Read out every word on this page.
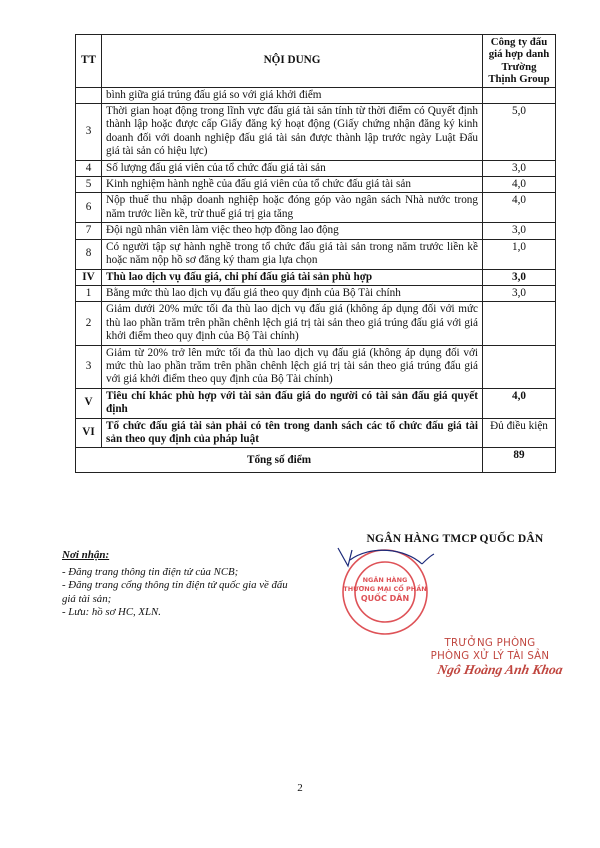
TT	NỘI DUNG	Công ty đấu giá hợp danh Trường Thịnh Group
	bình giữa giá trúng đấu giá so với giá khởi điểm	
3	Thời gian hoạt động trong lĩnh vực đấu giá tài sản tính từ thời điểm có Quyết định thành lập hoặc được cấp Giấy đăng ký hoạt động (Giấy chứng nhận đăng ký kinh doanh đối với doanh nghiệp đấu giá tài sản được thành lập trước ngày Luật Đấu giá tài sản có hiệu lực)	5,0
4	Số lượng đấu giá viên của tổ chức đấu giá tài sản	3,0
5	Kinh nghiệm hành nghề của đấu giá viên của tổ chức đấu giá tài sản	4,0
6	Nộp thuế thu nhập doanh nghiệp hoặc đóng góp vào ngân sách Nhà nước trong năm trước liền kề, trừ thuế giá trị gia tăng	4,0
7	Đội ngũ nhân viên làm việc theo hợp đồng lao động	3,0
8	Có người tập sự hành nghề trong tổ chức đấu giá tài sản trong năm trước liền kề hoặc năm nộp hồ sơ đăng ký tham gia lựa chọn	1,0
IV	Thù lao dịch vụ đấu giá, chi phí đấu giá tài sản phù hợp	3,0
1	Bằng mức thù lao dịch vụ đấu giá theo quy định của Bộ Tài chính	3,0
2	Giảm dưới 20% mức tối đa thù lao dịch vụ đấu giá (không áp dụng đối với mức thù lao phần trăm trên phần chênh lệch giá trị tài sản theo giá trúng đấu giá với giá khởi điểm theo quy định của Bộ Tài chính)	
3	Giảm từ 20% trở lên mức tối đa thù lao dịch vụ đấu giá (không áp dụng đối với mức thù lao phần trăm trên phần chênh lệch giá trị tài sản theo giá trúng đấu giá với giá khởi điểm theo quy định của Bộ Tài chính)	
V	Tiêu chí khác phù hợp với tài sản đấu giá do người có tài sản đấu giá quyết định	4,0
VI	Tổ chức đấu giá tài sản phải có tên trong danh sách các tổ chức đấu giá tài sản theo quy định của pháp luật	Đủ điều kiện
Tổng số điểm		89
Nơi nhận:
- Đăng trang thông tin điện tử của NCB;
- Đăng trang cổng thông tin điện tử quốc gia về đấu giá tài sản;
- Lưu: hồ sơ HC, XLN.
NGÂN HÀNG
THƯƠNG MẠI CỔ PHẦN
QUỐC DÂN
NGÂN HÀNG TMCP QUỐC DÂN
TRƯỞNG PHÒNG
PHÒNG XỬ LÝ TÀI SẢN
Ngô Hoàng Anh Khoa
2
